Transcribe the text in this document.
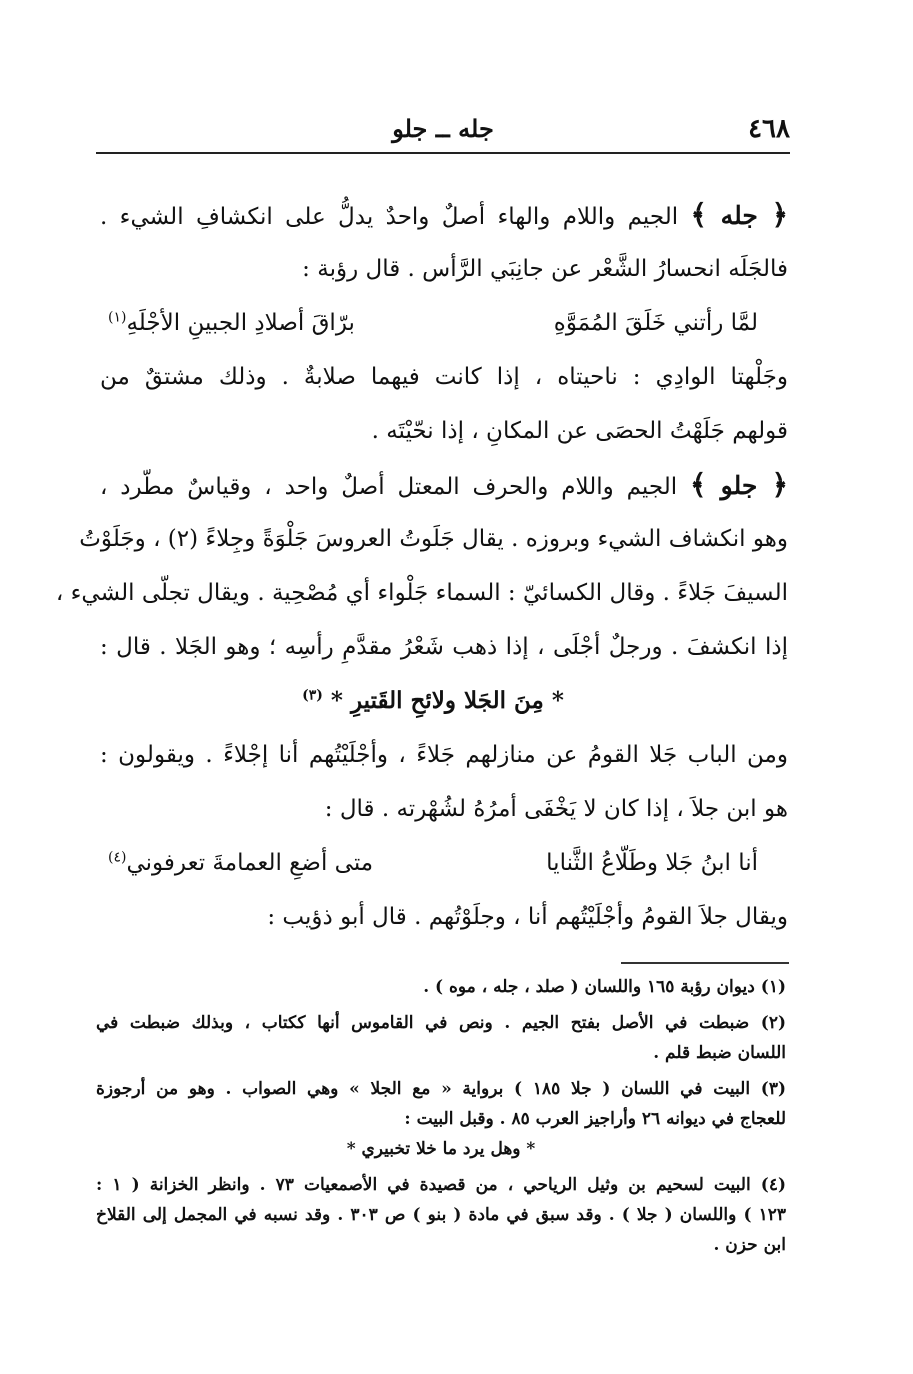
٤٦٨
جله ــ جلو
﴿ جله ﴾ الجيم واللام والهاء أصلٌ واحدٌ يدلُّ على انكشافِ الشيء .
فالجَلَه انحسارُ الشَّعْر عن جانِبَي الرَّأس . قال رؤبة :
لمَّا رأتني خَلَقَ المُمَوَّهِ
برّاقَ أصلادِ الجبينِ الأجْلَهِ$^{(١)}$
وجَلْهتا الوادِي : ناحيتاه ، إذا كانت فيهما صلابةٌ . وذلك مشتقٌ من
قولهم جَلَهْتُ الحصَى عن المكانِ ، إذا نحّيْتَه .
﴿ جلو ﴾ الجيم واللام والحرف المعتل أصلٌ واحد ، وقياسٌ مطّرد ،
وهو انكشاف الشيء وبروزه . يقال جَلَوتُ العروسَ جَلْوَةً وجِلاءً (٢) ، وجَلَوْتُ
السيفَ جَلاءً . وقال الكسائيّ : السماء جَلْواء أي مُصْحِية . ويقال تجلّى الشيء ،
إذا انكشفَ . ورجلٌ أجْلَى ، إذا ذهب شَعْرُ مقدَّمِ رأسِه ؛ وهو الجَلا . قال :
* مِنَ الجَلا ولائحِ القَتيرِ * $^{(٣)}$
ومن الباب جَلا القومُ عن منازلهم جَلاءً ، وأجْلَيْتُهم أنا إجْلاءً . ويقولون :
هو ابن جلاَ ، إذا كان لا يَخْفَى أمرُهُ لشُهْرته . قال :
أنا ابنُ جَلا وطَلّاعُ الثَّنايا
متى أضعِ العمامةَ تعرفوني$^{(٤)}$
ويقال جلاَ القومُ وأجْلَيْتُهم أنا ، وجلَوْتُهم . قال أبو ذؤيب :
(١) ديوان رؤبة ١٦٥ واللسان ( صلد ، جله ، موه ) .
(٢) ضبطت في الأصل بفتح الجيم . ونص في القاموس أنها ككتاب ، وبذلك ضبطت في
اللسان ضبط قلم .
(٣) البيت في اللسان ( جلا ١٨٥ ) برواية « مع الجلا » وهي الصواب . وهو من أرجوزة
للعجاج في ديوانه ٢٦ وأراجيز العرب ٨٥ . وقبل البيت :
* وهل يرد ما خلا تخبيري *
(٤) البيت لسحيم بن وثيل الرياحي ، من قصيدة في الأصمعيات ٧٣ . وانظر الخزانة ( ١ :
١٢٣ ) واللسان ( جلا ) . وقد سبق في مادة ( بنو ) ص ٣٠٣ . وقد نسبه في المجمل إلى القلاخ
ابن حزن .
